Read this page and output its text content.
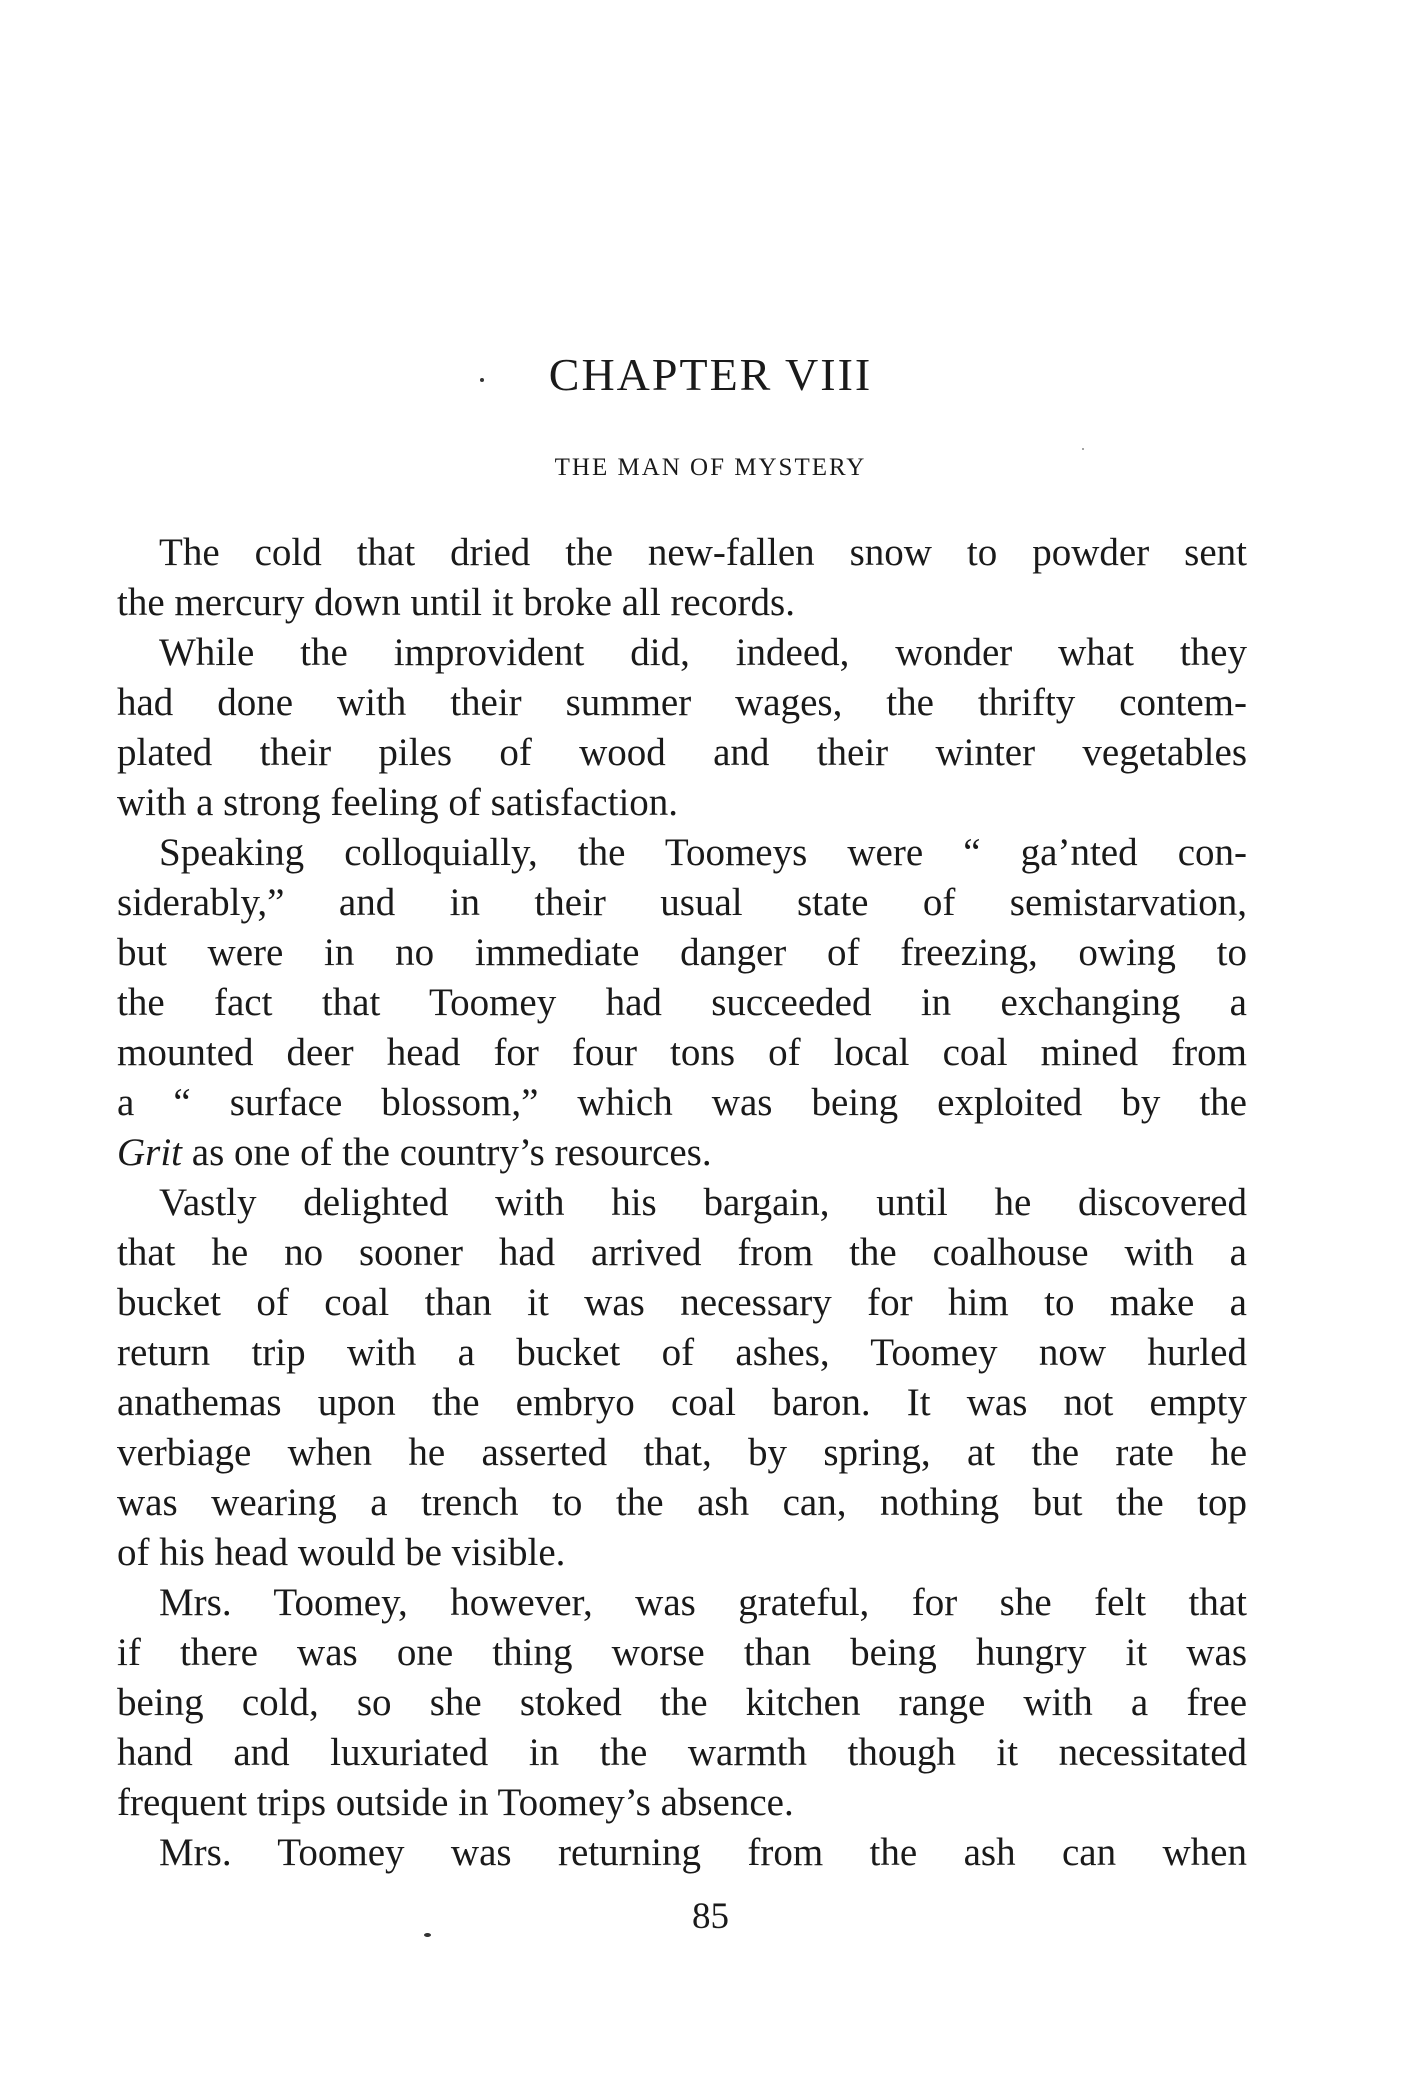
CHAPTER VIII
THE MAN OF MYSTERY
The cold that dried the new-fallen snow to powder sent
the mercury down until it broke all records.
While the improvident did, indeed, wonder what they
had done with their summer wages, the thrifty contem-
plated their piles of wood and their winter vegetables
with a strong feeling of satisfaction.
Speaking colloquially, the Toomeys were “ ga’nted con-
siderably,” and in their usual state of semistarvation,
but were in no immediate danger of freezing, owing to
the fact that Toomey had succeeded in exchanging a
mounted deer head for four tons of local coal mined from
a “ surface blossom,” which was being exploited by the
Grit as one of the country’s resources.
Vastly delighted with his bargain, until he discovered
that he no sooner had arrived from the coalhouse with a
bucket of coal than it was necessary for him to make a
return trip with a bucket of ashes, Toomey now hurled
anathemas upon the embryo coal baron. It was not empty
verbiage when he asserted that, by spring, at the rate he
was wearing a trench to the ash can, nothing but the top
of his head would be visible.
Mrs. Toomey, however, was grateful, for she felt that
if there was one thing worse than being hungry it was
being cold, so she stoked the kitchen range with a free
hand and luxuriated in the warmth though it necessitated
frequent trips outside in Toomey’s absence.
Mrs. Toomey was returning from the ash can when
85
